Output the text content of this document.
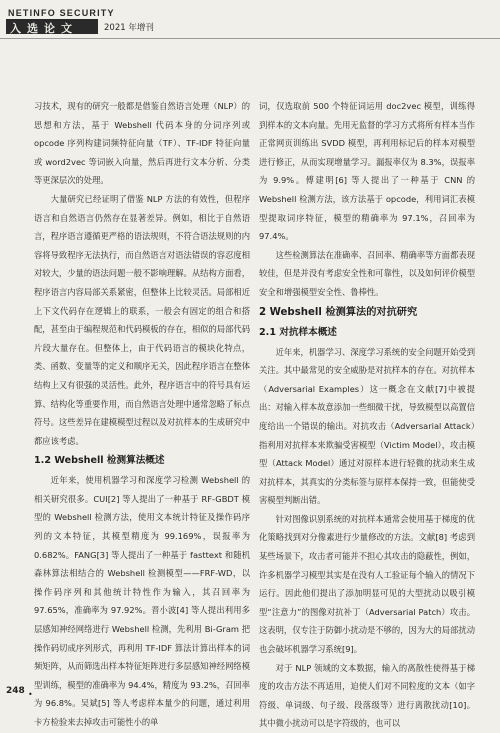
NETINFO SECURITY
入选论文	2021 年增刊

习技术，现有的研究一般都是借鉴自然语言处理（NLP）的思想和方法，基于 Webshell 代码本身的分词序列或 opcode 序列构建词频特征向量（TF）、TF-IDF 特征向量或 word2vec 等词嵌入向量，然后再进行文本分析、分类等更深层次的处理。

大量研究已经证明了借鉴 NLP 方法的有效性，但程序语言和自然语言仍然存在显著差异。例如，相比于自然语言，程序语言遵循更严格的语法规则，不符合语法规则的内容将导致程序无法执行，而自然语言对语法错误的容忍度相对较大，少量的语法问题一般不影响理解。从结构方面看，程序语言内容局部关系紧密，但整体上比较灵活。局部相近上下文代码存在逻辑上的联系，一般会有固定的组合和搭配，甚至由于编程规范和代码模板的存在，相似的局部代码片段大量存在。但整体上，由于代码语言的模块化特点，类、函数、变量等的定义和顺序无关，因此程序语言在整体结构上又有很强的灵活性。此外，程序语言中的符号具有运算、结构化等重要作用，而自然语言处理中通常忽略了标点符号。这些差异在建模模型过程以及对抗样本的生成研究中都应该考虑。

1.2 Webshell 检测算法概述

近年来，使用机器学习和深度学习检测 Webshell 的相关研究很多。CUI[2] 等人提出了一种基于 RF-GBDT 模型的 Webshell 检测方法，使用文本统计特征及操作码序列的文本特征，其模型精度为 99.169%，误报率为 0.682%。FANG[3] 等人提出了一种基于 fasttext 和随机森林算法相结合的 Webshell 检测模型——FRF-WD，以操作码序列和其他统计特性作为输入，其召回率为 97.65%，准确率为 97.92%。晋小波[4] 等人提出利用多层感知神经网络进行 Webshell 检测，先利用 Bi-Gram 把操作码切成序列形式，再利用 TF-IDF 算法计算出样本的词频矩阵，从而筛选出样本特征矩阵进行多层感知神经网络模型训练，模型的准确率为 94.4%，精度为 93.2%，召回率为 96.8%。吴斌[5] 等人考虑样本量少的问题，通过利用卡方检验来去掉攻击可能性小的单

词，仅选取前 500 个特征词运用 doc2vec 模型，训练得到样本的文本向量。先用无监督的学习方式将所有样本当作正常网页训练出 SVDD 模型，再利用标记后的样本对模型进行修正，从而实现增量学习。漏报率仅为 8.3%，误报率为 9.9%。傅建明[6] 等人提出了一种基于 CNN 的 Webshell 检测方法，该方法基于 opcode，利用词汇表模型提取词序特征，模型的精确率为 97.1%，召回率为 97.4%。

这些检测算法在准确率、召回率、精确率等方面都表现较佳，但是并没有考虑安全性和可靠性，以及如何评价模型安全和增强模型安全性、鲁棒性。

2 Webshell 检测算法的对抗研究
2.1 对抗样本概述

近年来，机器学习、深度学习系统的安全问题开始受到关注。其中最常见的安全威胁是对抗样本的存在。对抗样本（Adversarial Examples）这一概念在文献[7]中被提出：对输入样本故意添加一些细微干扰，导致模型以高置信度给出一个错误的输出。对抗攻击（Adversarial Attack）指利用对抗样本来欺骗受害模型（Victim Model），攻击模型（Attack Model）通过对原样本进行轻微的扰动来生成对抗样本，其真实的分类标签与原样本保持一致，但能使受害模型判断出错。

针对图像识别系统的对抗样本通常会使用基于梯度的优化策略找到对分像素进行少量修改的方法。文献[8] 考虑到某些场景下，攻击者可能并不担心其攻击的隐蔽性，例如，许多机器学习模型其实是在没有人工验证每个输入的情况下运行。因此他们提出了添加明显可见的大型扰动以吸引模型“注意力”的图像对抗补丁（Adversarial Patch）攻击。这表明，仅专注于防御小扰动是不够的，因为大的局部扰动也会破坏机器学习系统[9]。

对于 NLP 领域的文本数据，输入的离散性使得基于梯度的攻击方法不再适用，迫使人们对不同粒度的文本（如字符级、单词级、句子级、段落级等）进行离散扰动[10]。其中微小扰动可以是字符级的，也可以

248 •
